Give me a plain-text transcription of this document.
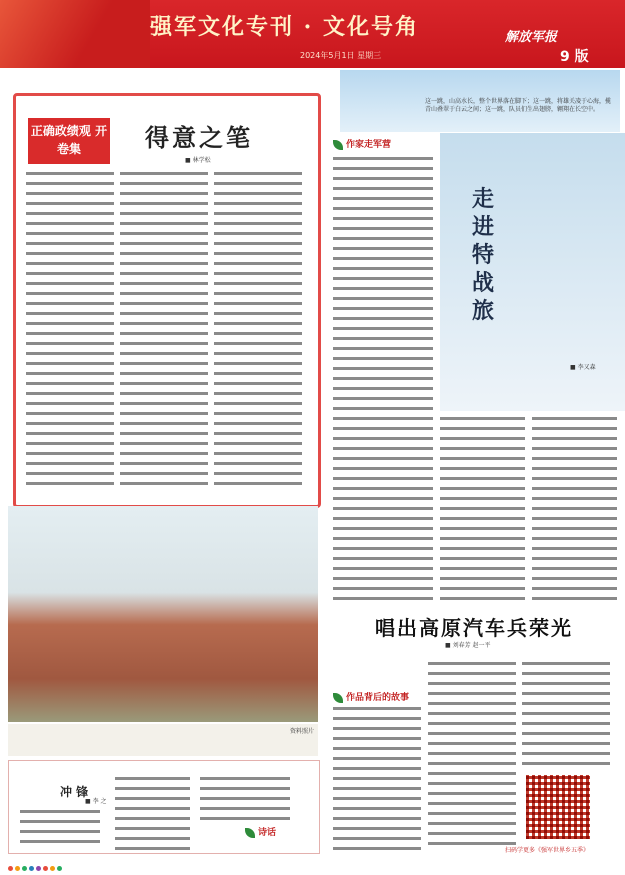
强军文化专刊 · 文化号角	解放军报
2024年5月1日 星期三	9 版
正确政绩观 开卷集	得意之笔
■ 林学松
这一跳，山高水长，整个世界落在脚下；这一跳，将雄关凌于心海，揽青山叠翠于白云之间；这一跳，队员们生出翅膀，翱翔在长空中。
作家走军营
走进特战旅
■ 李又森
资料照片
冲 锋
■ 李 之
诗话
唱出高原汽车兵荣光
■ 刘春芳 赵一平
作品背后的故事
扫码学更多《强军世界乡五季》
